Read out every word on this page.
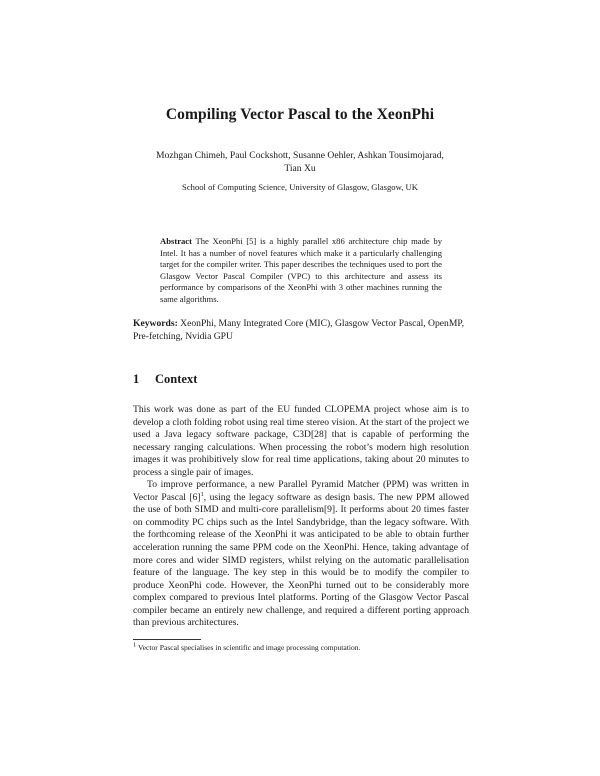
Compiling Vector Pascal to the XeonPhi
Mozhgan Chimeh, Paul Cockshott, Susanne Oehler, Ashkan Tousimojarad,
Tian Xu
School of Computing Science, University of Glasgow, Glasgow, UK
Abstract The XeonPhi [5] is a highly parallel x86 architecture chip made by Intel. It has a number of novel features which make it a particularly challenging target for the compiler writer. This paper describes the techniques used to port the Glasgow Vector Pascal Compiler (VPC) to this architecture and assess its performance by comparisons of the XeonPhi with 3 other machines running the same algorithms.
Keywords: XeonPhi, Many Integrated Core (MIC), Glasgow Vector Pascal, OpenMP, Pre-fetching, Nvidia GPU
1 Context

This work was done as part of the EU funded CLOPEMA project whose aim is to develop a cloth folding robot using real time stereo vision. At the start of the project we used a Java legacy software package, C3D[28] that is capable of performing the necessary ranging calculations. When processing the robot’s modern high resolution images it was prohibitively slow for real time applications, taking about 20 minutes to process a single pair of images.

To improve performance, a new Parallel Pyramid Matcher (PPM) was written in Vector Pascal $[6]^1$, using the legacy software as design basis. The new PPM allowed the use of both SIMD and multi-core parallelism[9]. It performs about 20 times faster on commodity PC chips such as the Intel Sandybridge, than the legacy software. With the forthcoming release of the XeonPhi it was anticipated to be able to obtain further acceleration running the same PPM code on the XeonPhi. Hence, taking advantage of more cores and wider SIMD registers, whilst relying on the automatic parallelisation feature of the language. The key step in this would be to modify the compiler to produce XeonPhi code. However, the XeonPhi turned out to be considerably more complex compared to previous Intel platforms. Porting of the Glasgow Vector Pascal compiler became an entirely new challenge, and required a different porting approach than previous architectures.

$^1$ Vector Pascal specialises in scientific and image processing computation.
